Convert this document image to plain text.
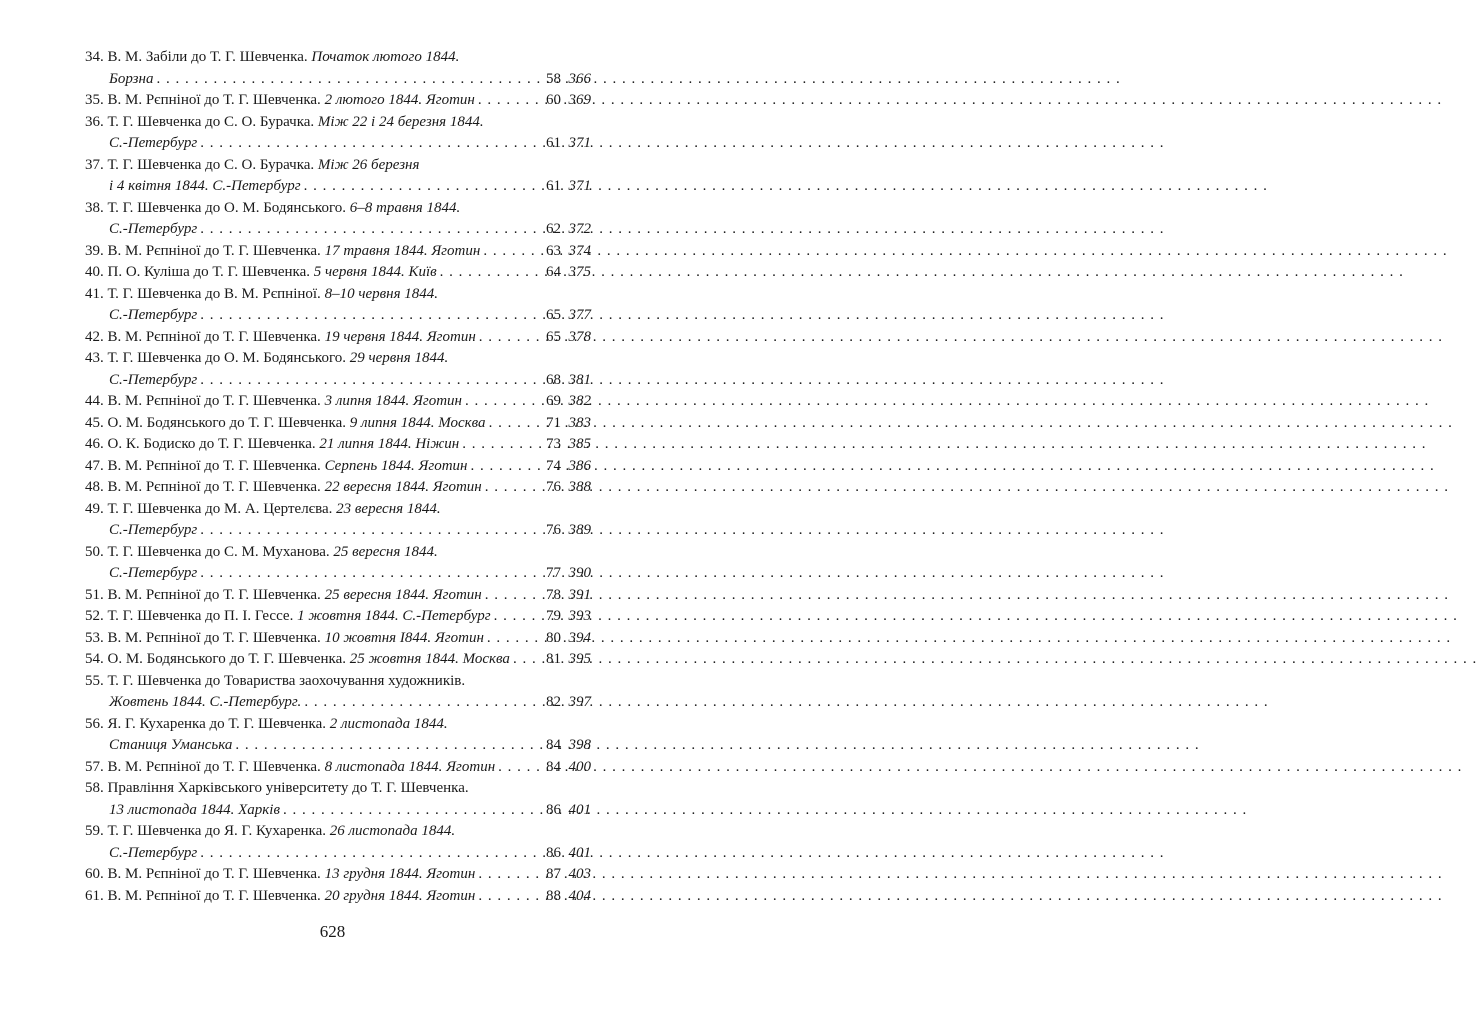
34. В. М. Забіли до Т. Г. Шевченка. Початок лютого 1844.
Борзна . . .	58 366
35. В. М. Рєпніної до Т. Г. Шевченка. 2 лютого 1844. Яготин . . .	60 369
36. Т. Г. Шевченка до С. О. Бурачка. Між 22 і 24 березня 1844.
С.-Петербург . . .	61 371
37. Т. Г. Шевченка до С. О. Бурачка. Між 26 березня
і 4 квітня 1844. С.-Петербург . . .	61 371
38. Т. Г. Шевченка до О. М. Бодянського. 6–8 травня 1844.
С.-Петербург . . .	62 372
39. В. М. Рєпніної до Т. Г. Шевченка. 17 травня 1844. Яготин . . .	63 374
40. П. О. Куліша до Т. Г. Шевченка. 5 червня 1844. Київ . . .	64 375
41. Т. Г. Шевченка до В. М. Рєпніної. 8–10 червня 1844.
С.-Петербург . . .	65 377
42. В. М. Рєпніної до Т. Г. Шевченка. 19 червня 1844. Яготин . . .	65 378
43. Т. Г. Шевченка до О. М. Бодянського. 29 червня 1844.
С.-Петербург . . .	68 381
44. В. М. Рєпніної до Т. Г. Шевченка. 3 липня 1844. Яготин . . .	69 382
45. О. М. Бодянського до Т. Г. Шевченка. 9 липня 1844. Москва . . .	71 383
46. О. К. Бодиско до Т. Г. Шевченка. 21 липня 1844. Ніжин . . .	73 385
47. В. М. Рєпніної до Т. Г. Шевченка. Серпень 1844. Яготин . . .	74 386
48. В. М. Рєпніної до Т. Г. Шевченка. 22 вересня 1844. Яготин . . .	76 388
49. Т. Г. Шевченка до М. А. Цертелєва. 23 вересня 1844.
С.-Петербург . . .	76 389
50. Т. Г. Шевченка до С. М. Муханова. 25 вересня 1844.
С.-Петербург . . .	77 390
51. В. М. Рєпніної до Т. Г. Шевченка. 25 вересня 1844. Яготин . . .	78 391
52. Т. Г. Шевченка до П. І. Гессе. 1 жовтня 1844. С.-Петербург . . .	79 393
53. В. М. Рєпніної до Т. Г. Шевченка. 10 жовтня І844. Яготин . . .	80 394
54. О. М. Бодянського до Т. Г. Шевченка. 25 жовтня 1844. Москва . . .	81 395
55. Т. Г. Шевченка до Товариства заохочування художників.
Жовтень 1844. С.-Петербург. . . .	82 397
56. Я. Г. Кухаренка до Т. Г. Шевченка. 2 листопада 1844.
Станиця Уманська . . .	84 398
57. В. М. Рєпніної до Т. Г. Шевченка. 8 листопада 1844. Яготин . . .	84 400
58. Правління Харківського університету до Т. Г. Шевченка.
13 листопада 1844. Харків . . .	86 401
59. Т. Г. Шевченка до Я. Г. Кухаренка. 26 листопада 1844.
С.-Петербург . . .	86 401
60. В. М. Рєпніної до Т. Г. Шевченка. 13 грудня 1844. Яготин . . .	87 403
61. В. М. Рєпніної до Т. Г. Шевченка. 20 грудня 1844. Яготин . . .	88 404
628
